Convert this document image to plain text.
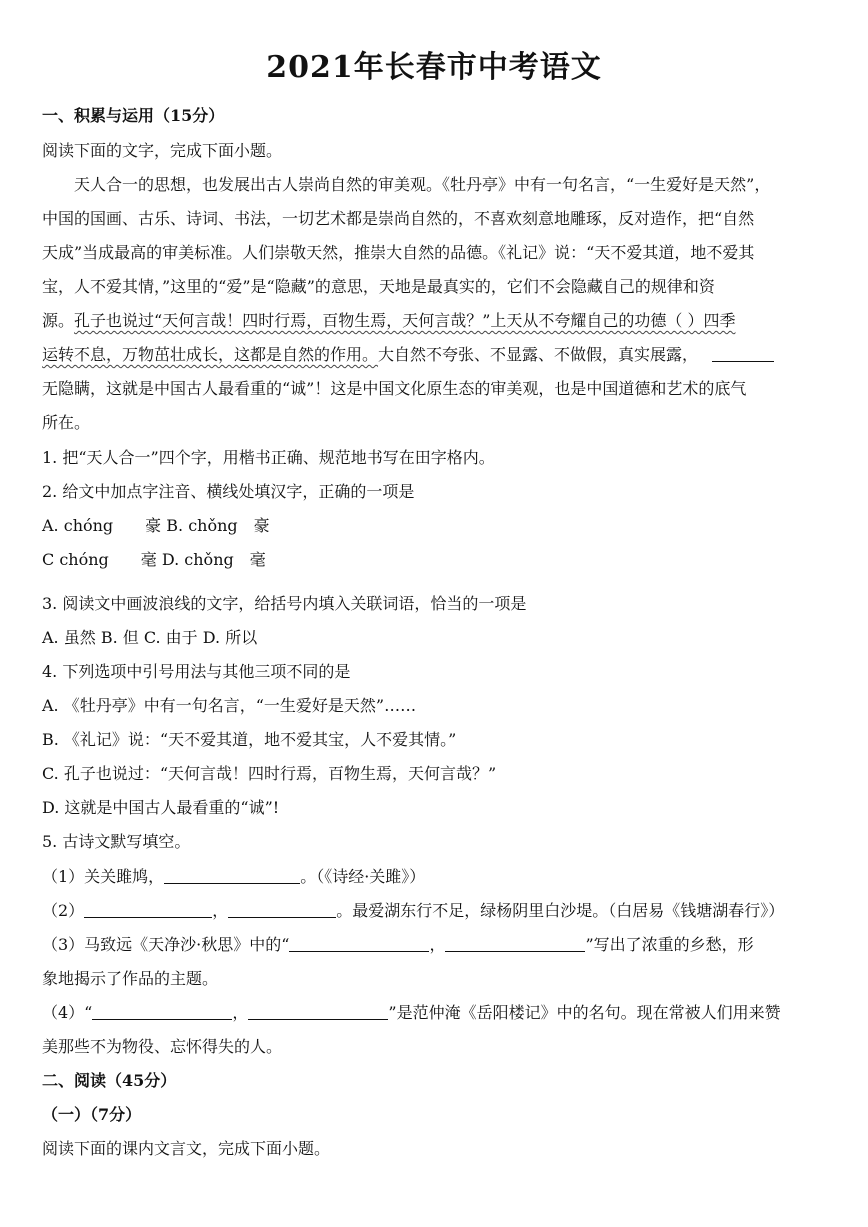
2021年长春市中考语文
一、积累与运用（15分）
阅读下面的文字，完成下面小题。
　　天人合一的思想，也发展出古人崇尚自然的审美观。《牡丹亭》中有一句名言，“一生爱好是天然”，
中国的国画、古乐、诗词、书法，一切艺术都是崇尚自然的，不喜欢刻意地雕琢，反对造作，把“自然
天成”当成最高的审美标准。人们崇敬天然，推崇大自然的品德。《礼记》说：“天不爱其道，地不爱其
宝，人不爱其情，”这里的“爱”是“隐藏”的意思，天地是最真实的，它们不会隐藏自己的规律和资
源。孔子也说过“天何言哉！四时行焉，百物生焉，天何言哉？”上天从不夸耀自己的功德（ ）四季
运转不息，万物茁壮成长，这都是自然的作用。大自然不夸张、不显露、不做假，真实展露，
无隐瞒，这就是中国古人最看重的“诚”！这是中国文化原生态的审美观，也是中国道德和艺术的底气
所在。
1. 把“天人合一”四个字，用楷书正确、规范地书写在田字格内。
2. 给文中加点字注音、横线处填汉字，正确的一项是
A. chóng　　豪 B. chǒng　豪
C chóng　　毫 D. chǒng　毫
3. 阅读文中画波浪线的文字，给括号内填入关联词语，恰当的一项是
A. 虽然 B. 但 C. 由于 D. 所以
4. 下列选项中引号用法与其他三项不同的是
A. 《牡丹亭》中有一句名言，“一生爱好是天然”……
B. 《礼记》说：“天不爱其道，地不爱其宝，人不爱其情。”
C. 孔子也说过：“天何言哉！四时行焉，百物生焉，天何言哉？”
D. 这就是中国古人最看重的“诚”!
5. 古诗文默写填空。
（1）关关雎鸠，	。（《诗经·关雎》）
（2）	，	。最爱湖东行不足，绿杨阴里白沙堤。（白居易《钱塘湖春行》）
（3）马致远《天净沙·秋思》中的“	，	”写出了浓重的乡愁，形
象地揭示了作品的主题。
（4）“	，	”是范仲淹《岳阳楼记》中的名句。现在常被人们用来赞
美那些不为物役、忘怀得失的人。
二、阅读（45分）
（一）（7分）
阅读下面的课内文言文，完成下面小题。
